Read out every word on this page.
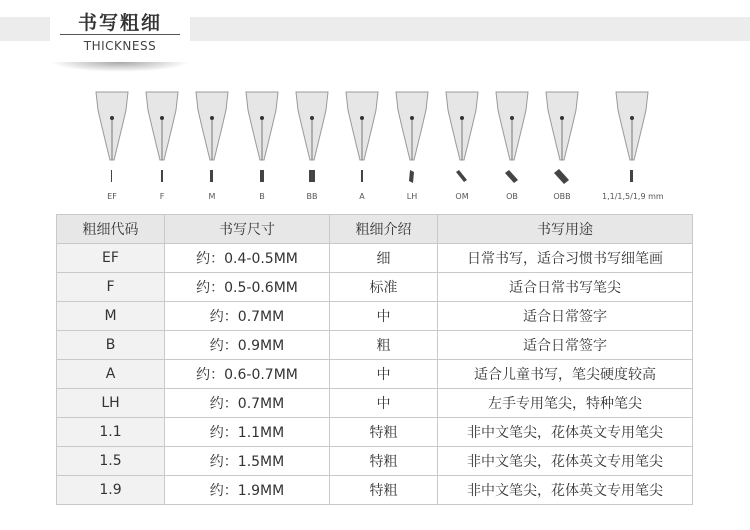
书写粗细
THICKNESS
EF	F	M	B	BB	A	LH	OM	OB	OBB	1,1/1,5/1,9 mm
粗细代码	书写尺寸	粗细介绍	书写用途
EF	约：0.4-0.5MM	细	日常书写，适合习惯书写细笔画
F	约：0.5-0.6MM	标准	适合日常书写笔尖
M	约：0.7MM	中	适合日常签字
B	约：0.9MM	粗	适合日常签字
A	约：0.6-0.7MM	中	适合儿童书写，笔尖硬度较高
LH	约：0.7MM	中	左手专用笔尖，特种笔尖
1.1	约：1.1MM	特粗	非中文笔尖，花体英文专用笔尖
1.5	约：1.5MM	特粗	非中文笔尖，花体英文专用笔尖
1.9	约：1.9MM	特粗	非中文笔尖，花体英文专用笔尖
